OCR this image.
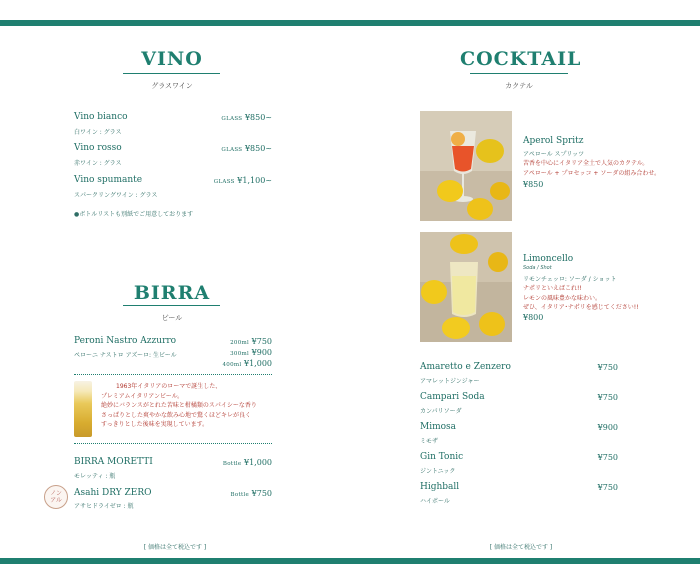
VINO
グラスワイン
Vino bianco
白ワイン : グラス
GLASS ¥850~
Vino rosso
赤ワイン : グラス
GLASS ¥850~
Vino spumante
スパークリングワイン : グラス
GLASS ¥1,100~
●ボトルリストも別紙でご用意しております
BIRRA
ビール
Peroni Nastro Azzurro
ペローニ ナストロ アズーロ: 生ビール
200ml ¥750
300ml ¥900
400ml ¥1,000
1963年イタリアのローマで誕生した、
プレミアムイタリアンビール。
絶妙にバランスがとれた苦味と柑橘類のスパイシーな香り
さっぱりとした爽やかな飲み心地で驚くほどキレが良く
すっきりとした後味を実現しています。
BIRRA MORETTI
モレッティ : 瓶
Bottle ¥1,000
ノン
アル
Asahi DRY ZERO
アサヒドライゼロ : 瓶
Bottle ¥750
[ 価格は全て税込です ]
COCKTAIL
カクテル
Aperol Spritz
アペロール スプリッツ
苦香を中心にイタリア全土で人気のカクテル。
アペロール + プロセッコ + ソーダの組み合わせ。
¥850
Limoncello
Soda / Shot
リモンチェッロ: ソーダ / ショット
ナポリといえばこれ!!
レモンの風味豊かな味わい。
ぜひ、イタリア･ナポリを感じてください!!
¥800
Amaretto e Zenzero
アマレットジンジャー
¥750
Campari Soda
カンパリソーダ
¥750
Mimosa
ミモザ
¥900
Gin Tonic
ジントニック
¥750
Highball
ハイボール
¥750
[ 価格は全て税込です ]
